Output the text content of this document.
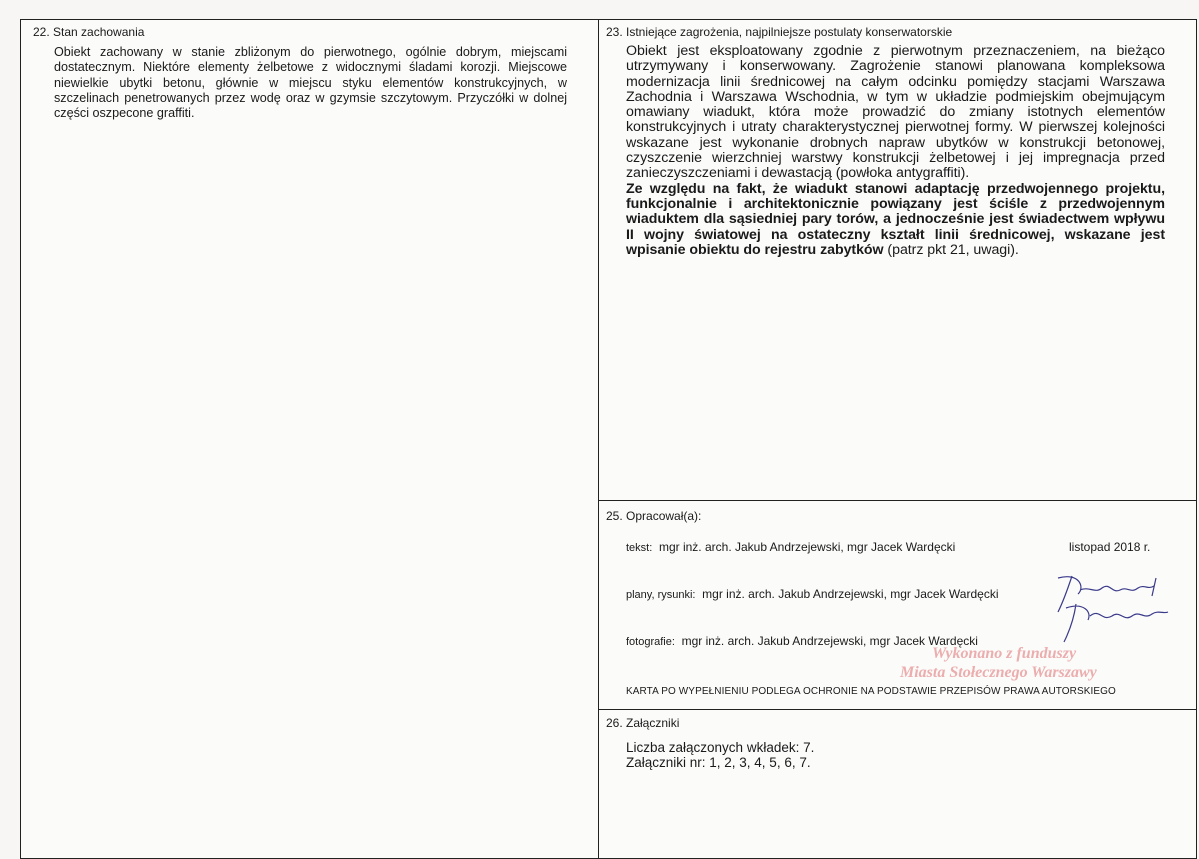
22. Stan zachowania
Obiekt zachowany w stanie zbliżonym do pierwotnego, ogólnie dobrym, miejscami dostatecznym. Niektóre elementy żelbetowe z widocznymi śladami korozji. Miejscowe niewielkie ubytki betonu, głównie w miejscu styku elementów konstrukcyjnych, w szczelinach penetrowanych przez wodę oraz w gzymsie szczytowym. Przyczółki w dolnej części oszpecone graffiti.
23. Istniejące zagrożenia, najpilniejsze postulaty konserwatorskie

Obiekt jest eksploatowany zgodnie z pierwotnym przeznaczeniem, na bieżąco utrzymywany i konserwowany. Zagrożenie stanowi planowana kompleksowa modernizacja linii średnicowej na całym odcinku pomiędzy stacjami Warszawa Zachodnia i Warszawa Wschodnia, w tym w układzie podmiejskim obejmującym omawiany wiadukt, która może prowadzić do zmiany istotnych elementów konstrukcyjnych i utraty charakterystycznej pierwotnej formy. W pierwszej kolejności wskazane jest wykonanie drobnych napraw ubytków w konstrukcji betonowej, czyszczenie wierzchniej warstwy konstrukcji żelbetowej i jej impregnacja przed zanieczyszczeniami i dewastacją (powłoka antygraffiti).
Ze względu na fakt, że wiadukt stanowi adaptację przedwojennego projektu, funkcjonalnie i architektonicznie powiązany jest ściśle z przedwojennym wiaduktem dla sąsiedniej pary torów, a jednocześnie jest świadectwem wpływu II wojny światowej na ostateczny kształt linii średnicowej, wskazane jest wpisanie obiektu do rejestru zabytków (patrz pkt 21, uwagi).

25. Opracował(a):
tekst: mgr inż. arch. Jakub Andrzejewski, mgr Jacek Wardęcki	listopad 2018 r.
plany, rysunki: mgr inż. arch. Jakub Andrzejewski, mgr Jacek Wardęcki
fotografie: mgr inż. arch. Jakub Andrzejewski, mgr Jacek Wardęcki
Wykonano z funduszy
Miasta Stołecznego Warszawy
KARTA PO WYPEŁNIENIU PODLEGA OCHRONIE NA PODSTAWIE PRZEPISÓW PRAWA AUTORSKIEGO
26. Załączniki
Liczba załączonych wkładek: 7.
Załączniki nr: 1, 2, 3, 4, 5, 6, 7.
